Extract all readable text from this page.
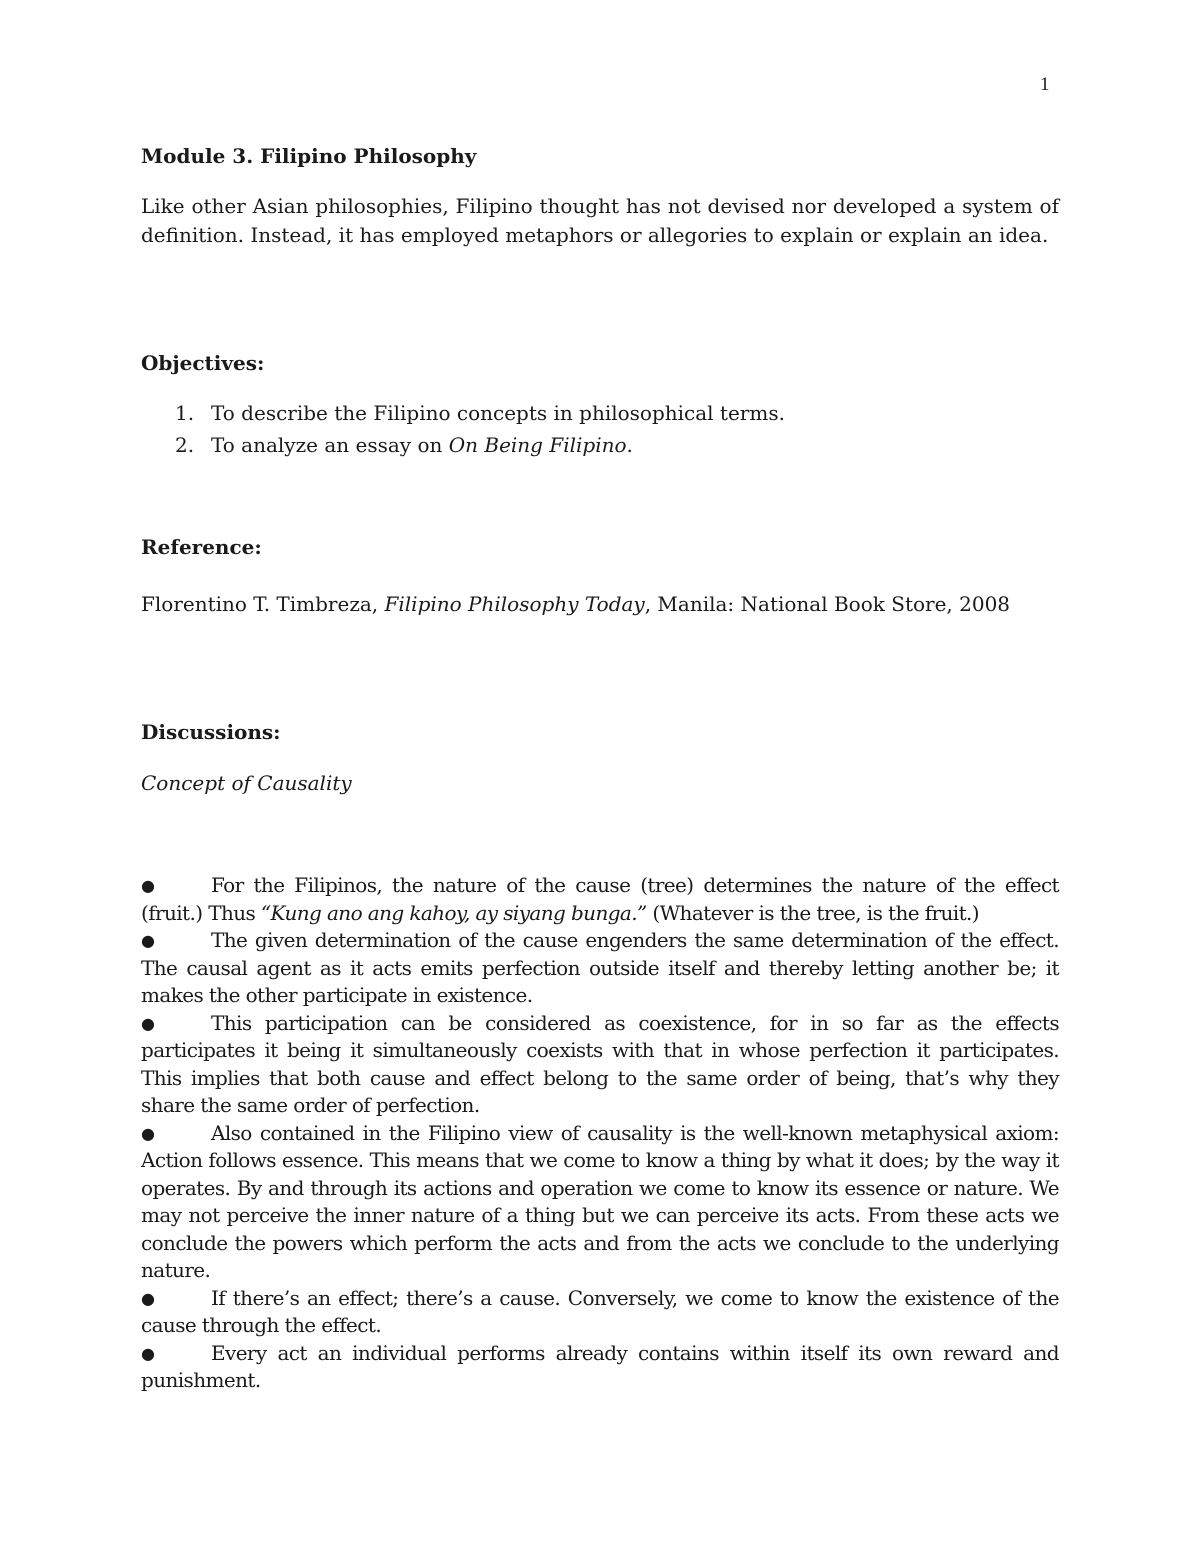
1
Module 3. Filipino Philosophy
Like other Asian philosophies, Filipino thought has not devised nor developed a system of definition. Instead, it has employed metaphors or allegories to explain or explain an idea.
Objectives:
1. To describe the Filipino concepts in philosophical terms.
2. To analyze an essay on On Being Filipino.
Reference:
Florentino T. Timbreza, Filipino Philosophy Today, Manila: National Book Store, 2008
Discussions:
Concept of Causality

●	For the Filipinos, the nature of the cause (tree) determines the nature of the effect (fruit.) Thus “Kung ano ang kahoy, ay siyang bunga.” (Whatever is the tree, is the fruit.)

●	The given determination of the cause engenders the same determination of the effect. The causal agent as it acts emits perfection outside itself and thereby letting another be; it makes the other participate in existence.

●	This participation can be considered as coexistence, for in so far as the effects participates it being it simultaneously coexists with that in whose perfection it participates. This implies that both cause and effect belong to the same order of being, that’s why they share the same order of perfection.

●	Also contained in the Filipino view of causality is the well-known metaphysical axiom: Action follows essence. This means that we come to know a thing by what it does; by the way it operates. By and through its actions and operation we come to know its essence or nature. We may not perceive the inner nature of a thing but we can perceive its acts. From these acts we conclude the powers which perform the acts and from the acts we conclude to the underlying nature.

●	If there’s an effect; there’s a cause. Conversely, we come to know the existence of the cause through the effect.

●	Every act an individual performs already contains within itself its own reward and punishment.
